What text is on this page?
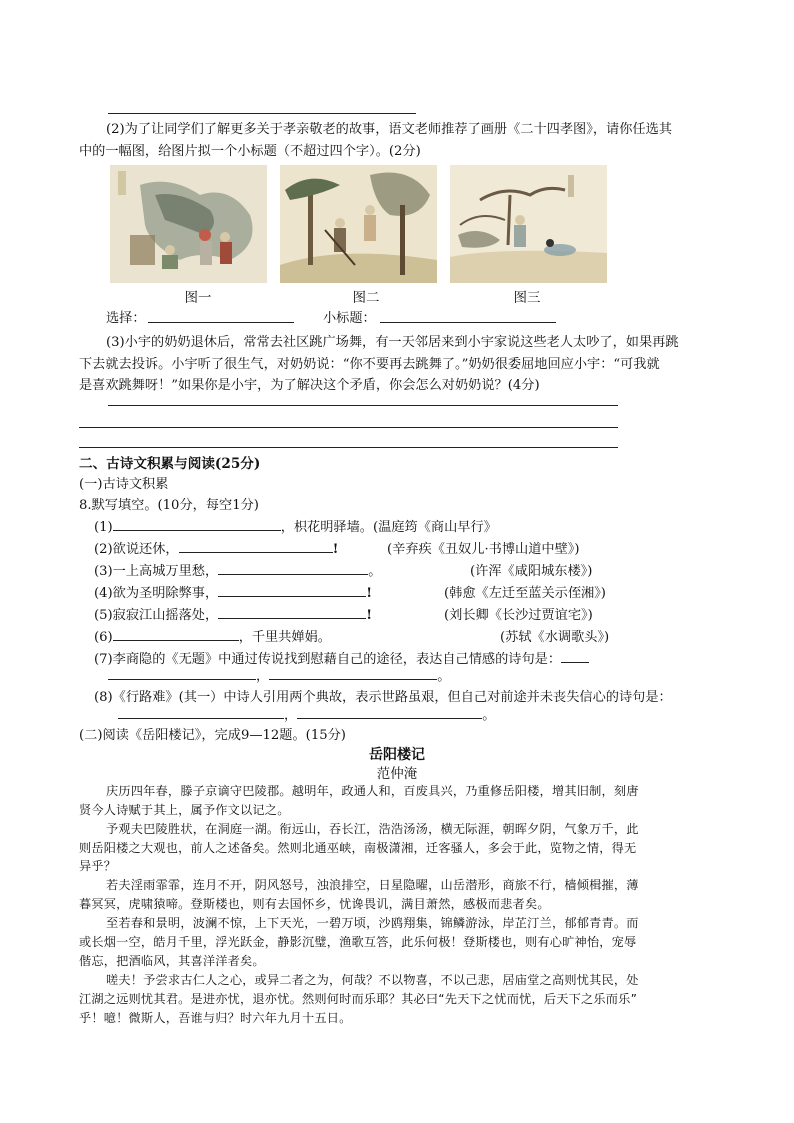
(2)为了让同学们了解更多关于孝亲敬老的故事，语文老师推荐了画册《二十四孝图》，请你任选其
中的一幅图，给图片拟一个小标题（不超过四个字）。(2分)
图一	图二	图三
选择：	小标题：
(3)小宇的奶奶退休后，常常去社区跳广场舞，有一天邻居来到小宇家说这些老人太吵了，如果再跳
下去就去投诉。小宇听了很生气，对奶奶说：“你不要再去跳舞了。”奶奶很委屈地回应小宇：“可我就
是喜欢跳舞呀！”如果你是小宇，为了解决这个矛盾，你会怎么对奶奶说？(4分)
二、古诗文积累与阅读(25分)
(一)古诗文积累
8.默写填空。(10分，每空1分)
(1)	，枳花明驿墙。(温庭筠《商山早行》
(2)欲说还休，	!	(辛弃疾《丑奴儿·书博山道中壁》)
(3)一上高城万里愁，	。	(许浑《咸阳城东楼》)
(4)欲为圣明除弊事，	!	(韩愈《左迁至蓝关示侄湘》)
(5)寂寂江山摇落处，	!	(刘长卿《长沙过贾谊宅》)
(6)	，千里共婵娟。	(苏轼《水调歌头》)
(7)李商隐的《无题》中通过传说找到慰藉自己的途径，表达自己情感的诗句是：
，	。
(8)《行路难》(其一）中诗人引用两个典故，表示世路虽艰，但自己对前途并未丧失信心的诗句是：
，	。
(二)阅读《岳阳楼记》，完成9—12题。(15分)
岳阳楼记
范仲淹
庆历四年春，滕子京谪守巴陵郡。越明年，政通人和，百废具兴，乃重修岳阳楼，增其旧制，刻唐
贤今人诗赋于其上，属予作文以记之。
予观夫巴陵胜状，在洞庭一湖。衔远山，吞长江，浩浩汤汤，横无际涯，朝晖夕阴，气象万千，此
则岳阳楼之大观也，前人之述备矣。然则北通巫峡，南极潇湘，迁客骚人，多会于此，览物之情，得无
异乎？
若夫淫雨霏霏，连月不开，阴风怒号，浊浪排空，日星隐曜，山岳潜形，商旅不行，樯倾楫摧，薄
暮冥冥，虎啸猿啼。登斯楼也，则有去国怀乡，忧谗畏讥，满目萧然，感极而悲者矣。
至若春和景明，波澜不惊，上下天光，一碧万顷，沙鸥翔集，锦鳞游泳，岸芷汀兰，郁郁青青。而
或长烟一空，皓月千里，浮光跃金，静影沉璧，渔歌互答，此乐何极！登斯楼也，则有心旷神怡，宠辱
偕忘，把酒临风，其喜洋洋者矣。
嗟夫！予尝求古仁人之心，或异二者之为，何哉？不以物喜，不以己悲，居庙堂之高则忧其民，处
江湖之远则忧其君。是进亦忧，退亦忧。然则何时而乐耶？其必曰“先天下之忧而忧，后天下之乐而乐”
乎！噫！微斯人，吾谁与归？时六年九月十五日。
